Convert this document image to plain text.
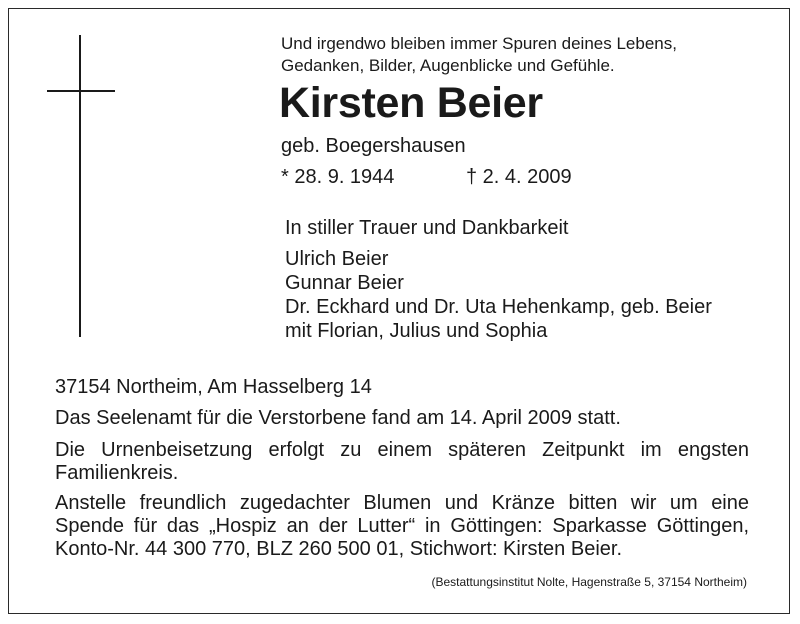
Und irgendwo bleiben immer Spuren deines Lebens,
Gedanken, Bilder, Augenblicke und Gefühle.
Kirsten Beier
geb. Boegershausen
* 28. 9. 1944	† 2. 4. 2009
In stiller Trauer und Dankbarkeit
Ulrich Beier
Gunnar Beier
Dr. Eckhard und Dr. Uta Hehenkamp, geb. Beier
mit Florian, Julius und Sophia
37154 Northeim, Am Hasselberg 14
Das Seelenamt für die Verstorbene fand am 14. April 2009 statt.
Die Urnenbeisetzung erfolgt zu einem späteren Zeitpunkt im engsten Familienkreis.
Anstelle freundlich zugedachter Blumen und Kränze bitten wir um eine Spende für das „Hospiz an der Lutter“ in Göttingen: Sparkasse Göttingen, Konto-Nr. 44 300 770, BLZ 260 500 01, Stichwort: Kirsten Beier.
(Bestattungsinstitut Nolte, Hagenstraße 5, 37154 Northeim)
